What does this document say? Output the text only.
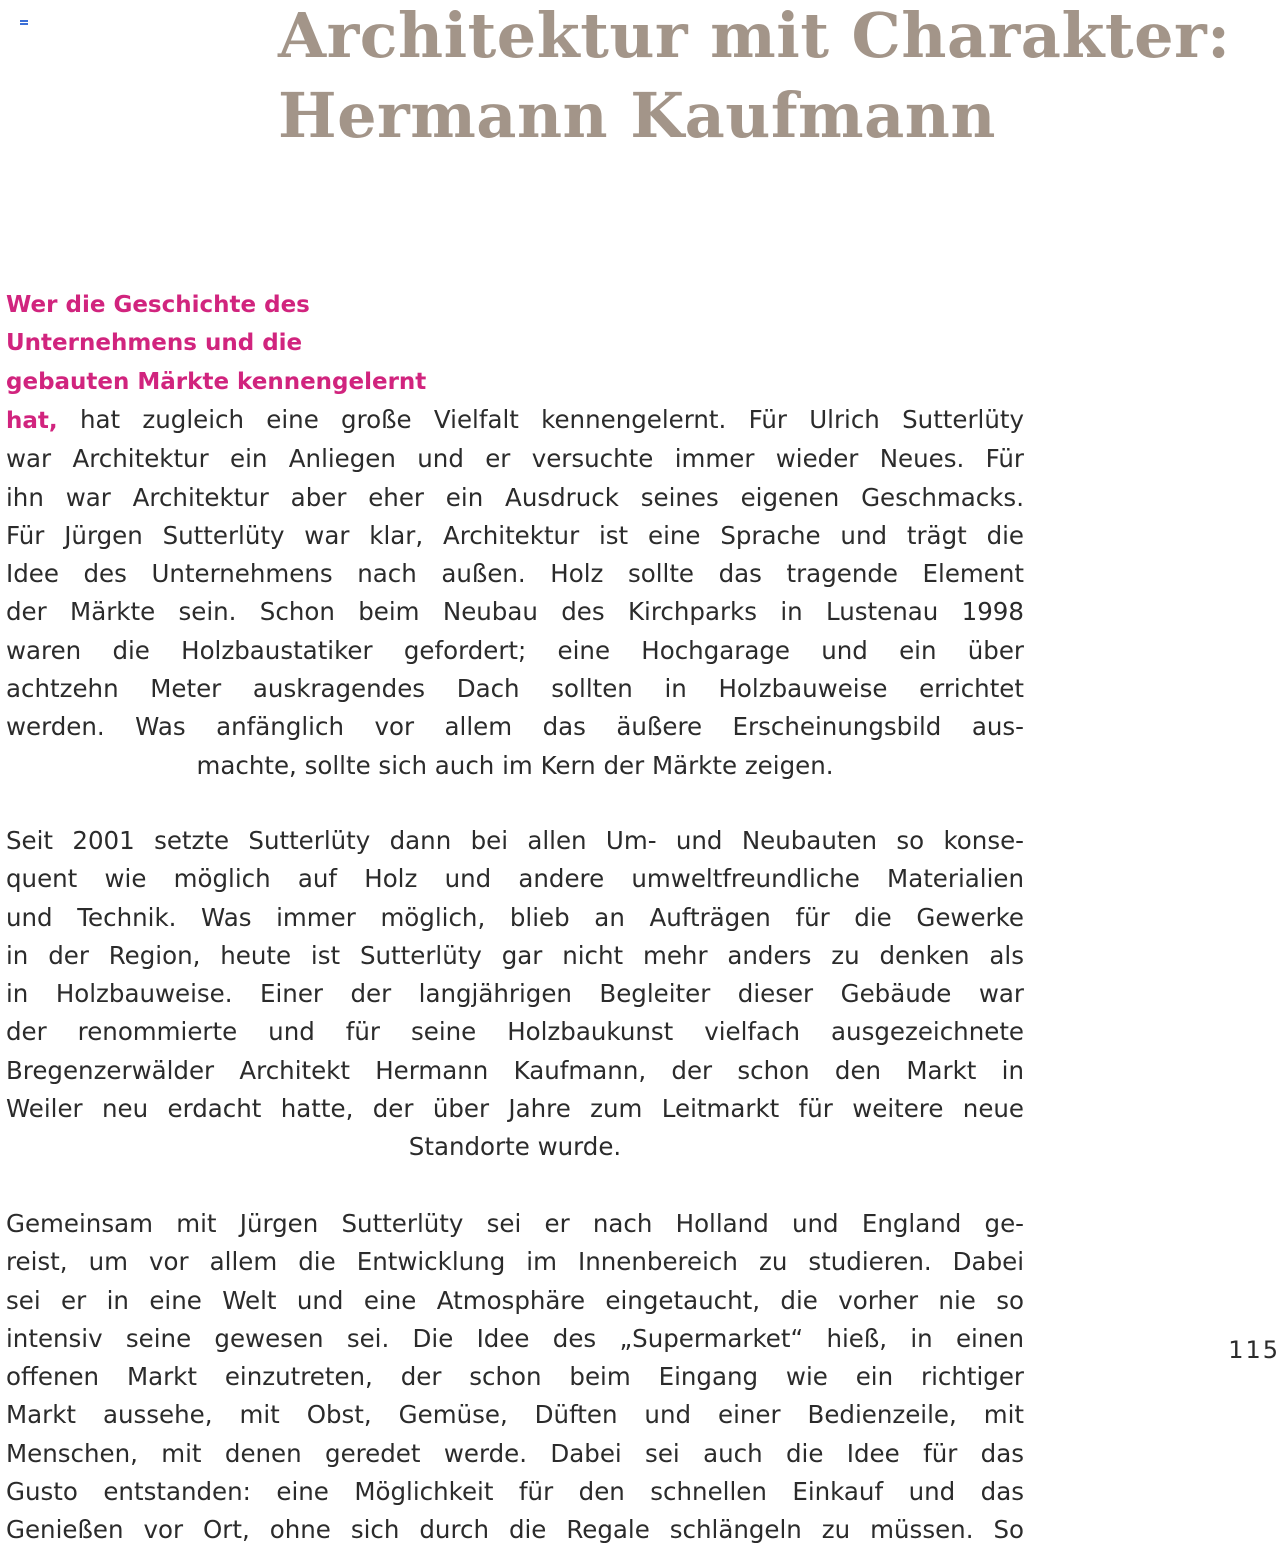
Architektur mit Charakter:
Hermann Kaufmann
Wer die Geschichte des
Unternehmens und die
gebauten Märkte kennengelernt
hat, hat zugleich eine große Vielfalt kennengelernt. Für Ulrich Sutterlüty
war Architektur ein Anliegen und er versuchte immer wieder Neues. Für
ihn war Architektur aber eher ein Ausdruck seines eigenen Geschmacks.
Für Jürgen Sutterlüty war klar, Architektur ist eine Sprache und trägt die
Idee des Unternehmens nach außen. Holz sollte das tragende Element
der Märkte sein. Schon beim Neubau des Kirchparks in Lustenau 1998
waren die Holzbaustatiker gefordert; eine Hochgarage und ein über
achtzehn Meter auskragendes Dach sollten in Holzbauweise errichtet
werden. Was anfänglich vor allem das äußere Erscheinungsbild aus-
machte, sollte sich auch im Kern der Märkte zeigen.
Seit 2001 setzte Sutterlüty dann bei allen Um- und Neubauten so konse-
quent wie möglich auf Holz und andere umweltfreundliche Materialien
und Technik. Was immer möglich, blieb an Aufträgen für die Gewerke
in der Region, heute ist Sutterlüty gar nicht mehr anders zu denken als
in Holzbauweise. Einer der langjährigen Begleiter dieser Gebäude war
der renommierte und für seine Holzbaukunst vielfach ausgezeichnete
Bregenzerwälder Architekt Hermann Kaufmann, der schon den Markt in
Weiler neu erdacht hatte, der über Jahre zum Leitmarkt für weitere neue
Standorte wurde.
Gemeinsam mit Jürgen Sutterlüty sei er nach Holland und England ge-
reist, um vor allem die Entwicklung im Innenbereich zu studieren. Dabei
sei er in eine Welt und eine Atmosphäre eingetaucht, die vorher nie so
intensiv seine gewesen sei. Die Idee des „Supermarket“ hieß, in einen
offenen Markt einzutreten, der schon beim Eingang wie ein richtiger
Markt aussehe, mit Obst, Gemüse, Düften und einer Bedienzeile, mit
Menschen, mit denen geredet werde. Dabei sei auch die Idee für das
Gusto entstanden: eine Möglichkeit für den schnellen Einkauf und das
Genießen vor Ort, ohne sich durch die Regale schlängeln zu müssen. So
115
